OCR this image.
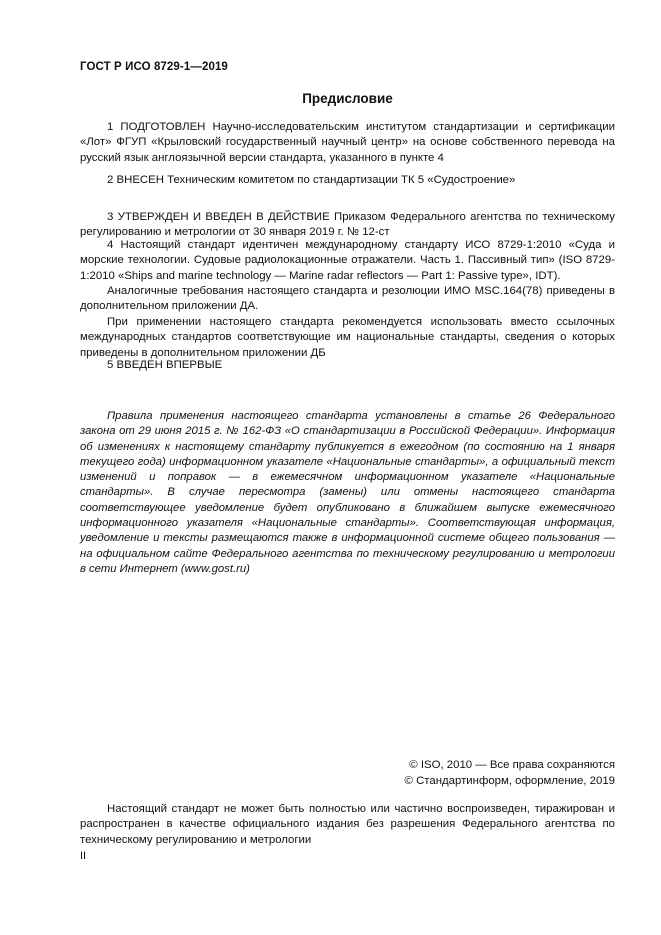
ГОСТ Р ИСО 8729-1—2019
Предисловие

1 ПОДГОТОВЛЕН Научно-исследовательским институтом стандартизации и сертификации «Лот» ФГУП «Крыловский государственный научный центр» на основе собственного перевода на русский язык англоязычной версии стандарта, указанного в пункте 4

2 ВНЕСЕН Техническим комитетом по стандартизации ТК 5 «Судостроение»

3 УТВЕРЖДЕН И ВВЕДЕН В ДЕЙСТВИЕ Приказом Федерального агентства по техническому регулированию и метрологии от 30 января 2019 г. № 12-ст

4 Настоящий стандарт идентичен международному стандарту ИСО 8729-1:2010 «Суда и морские технологии. Судовые радиолокационные отражатели. Часть 1. Пассивный тип» (ISO 8729-1:2010 «Ships and marine technology — Marine radar reflectors — Part 1: Passive type», IDT).

Аналогичные требования настоящего стандарта и резолюции ИМО MSC.164(78) приведены в дополнительном приложении ДА.

При применении настоящего стандарта рекомендуется использовать вместо ссылочных международных стандартов соответствующие им национальные стандарты, сведения о которых приведены в дополнительном приложении ДБ

5 ВВЕДЕН ВПЕРВЫЕ

Правила применения настоящего стандарта установлены в статье 26 Федерального закона от 29 июня 2015 г. № 162-ФЗ «О стандартизации в Российской Федерации». Информация об изменениях к настоящему стандарту публикуется в ежегодном (по состоянию на 1 января текущего года) информационном указателе «Национальные стандарты», а официальный текст изменений и поправок — в ежемесячном информационном указателе «Национальные стандарты». В случае пересмотра (замены) или отмены настоящего стандарта соответствующее уведомление будет опубликовано в ближайшем выпуске ежемесячного информационного указателя «Национальные стандарты». Соответствующая информация, уведомление и тексты размещаются также в информационной системе общего пользования — на официальном сайте Федерального агентства по техническому регулированию и метрологии в сети Интернет (www.gost.ru)

© ISO, 2010 — Все права сохраняются
© Стандартинформ, оформление, 2019

Настоящий стандарт не может быть полностью или частично воспроизведен, тиражирован и распространен в качестве официального издания без разрешения Федерального агентства по техническому регулированию и метрологии

II
